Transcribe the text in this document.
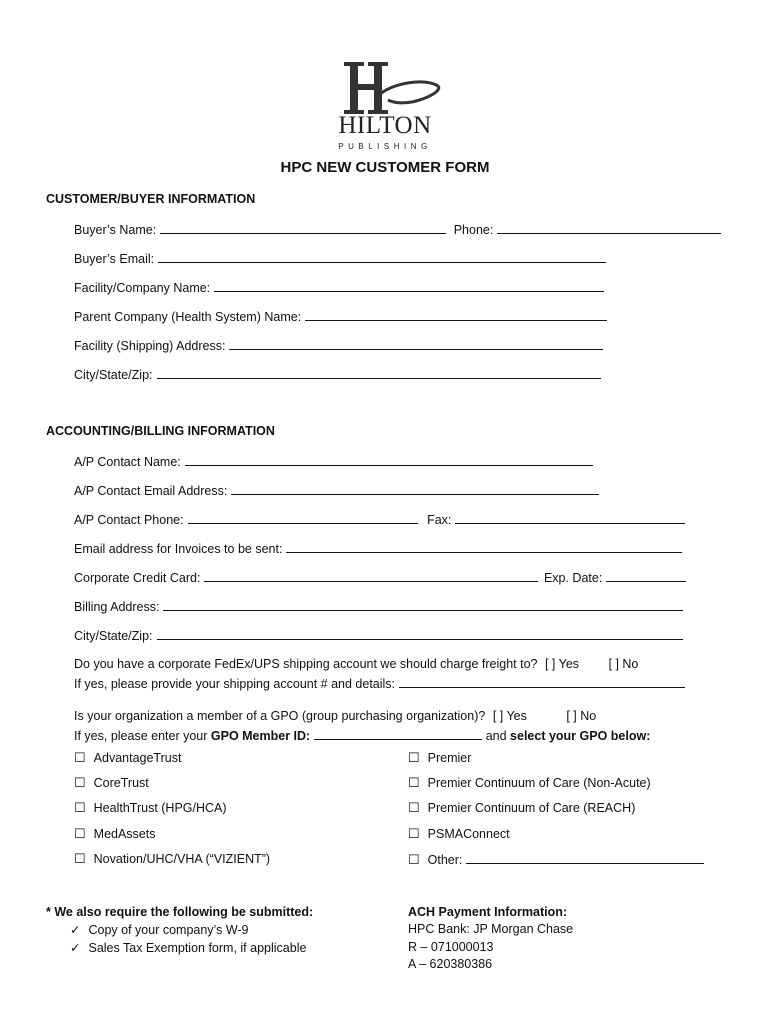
HILTON
PUBLISHING
HPC NEW CUSTOMER FORM
CUSTOMER/BUYER INFORMATION
Buyer’s Name:	Phone:
Buyer’s Email:
Facility/Company Name:
Parent Company (Health System) Name:
Facility (Shipping) Address:
City/State/Zip:
ACCOUNTING/BILLING INFORMATION
A/P Contact Name:
A/P Contact Email Address:
A/P Contact Phone:	Fax:
Email address for Invoices to be sent:
Corporate Credit Card:	Exp. Date:
Billing Address:
City/State/Zip:
Do you have a corporate FedEx/UPS shipping account we should charge freight to? [ ] Yes [ ] No
If yes, please provide your shipping account # and details:
Is your organization a member of a GPO (group purchasing organization)? [ ] Yes	[ ] No
If yes, please enter your GPO Member ID:	and select your GPO below:
☐ AdvantageTrust
☐ CoreTrust
☐ HealthTrust (HPG/HCA)
☐ MedAssets
☐ Novation/UHC/VHA (“VIZIENT”)
☐ Premier
☐ Premier Continuum of Care (Non-Acute)
☐ Premier Continuum of Care (REACH)
☐ PSMAConnect
☐ Other:
* We also require the following be submitted:
✓ Copy of your company’s W-9
✓ Sales Tax Exemption form, if applicable
ACH Payment Information:
HPC Bank: JP Morgan Chase
R – 071000013
A – 620380386
